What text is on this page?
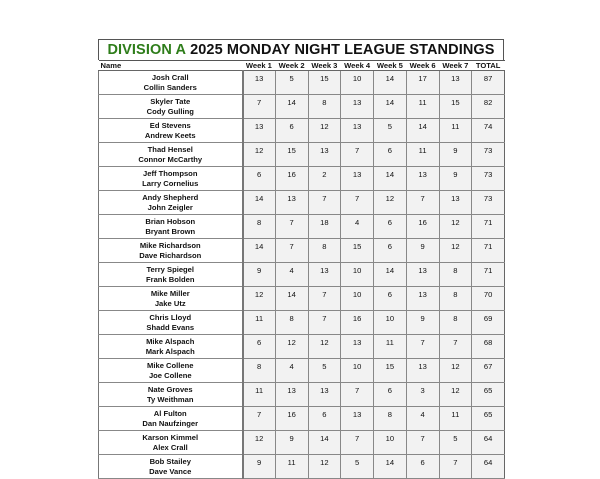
DIVISION A 2025 MONDAY NIGHT LEAGUE STANDINGS
Name	Week 1	Week 2	Week 3	Week 4	Week 5	Week 6	Week 7	TOTAL

Josh Crall
Collin Sanders	13	5	15	10	14	17	13	87

Skyler Tate
Cody Gulling	7	14	8	13	14	11	15	82

Ed Stevens
Andrew Keets	13	6	12	13	5	14	11	74

Thad Hensel
Connor McCarthy	12	15	13	7	6	11	9	73

Jeff Thompson
Larry Cornelius	6	16	2	13	14	13	9	73

Andy Shepherd
John Zeigler	14	13	7	7	12	7	13	73

Brian Hobson
Bryant Brown	8	7	18	4	6	16	12	71

Mike Richardson
Dave Richardson	14	7	8	15	6	9	12	71

Terry Spiegel
Frank Bolden	9	4	13	10	14	13	8	71

Mike Miller
Jake Utz	12	14	7	10	6	13	8	70

Chris Lloyd
Shadd Evans	11	8	7	16	10	9	8	69

Mike Alspach
Mark Alspach	6	12	12	13	11	7	7	68

Mike Collene
Joe Collene	8	4	5	10	15	13	12	67

Nate Groves
Ty Weithman	11	13	13	7	6	3	12	65

Al Fulton
Dan Naufzinger	7	16	6	13	8	4	11	65

Karson Kimmel
Alex Crall	12	9	14	7	10	7	5	64

Bob Stailey
Dave Vance	9	11	12	5	14	6	7	64
